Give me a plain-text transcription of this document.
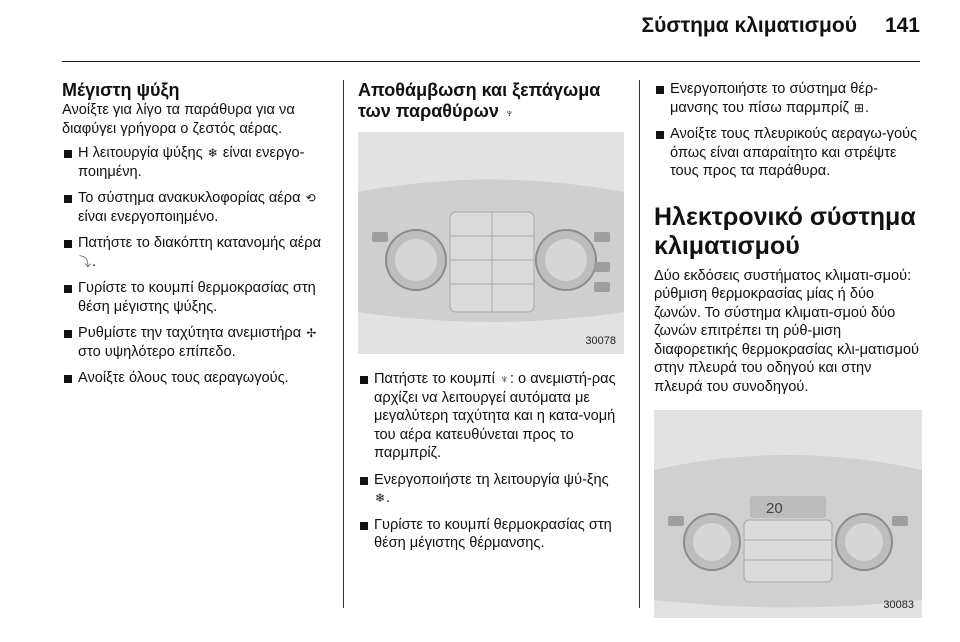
Σύστημα κλιματισμού 141
Μέγιστη ψύξη

Ανοίξτε για λίγο τα παράθυρα για να διαφύγει γρήγορα ο ζεστός αέρας.

Η λειτουργία ψύξης ❄ είναι ενεργο-ποιημένη.
Το σύστημα ανακυκλοφορίας αέρα ⟲ είναι ενεργοποιημένο.
Πατήστε το διακόπτη κατανομής αέρα ⤵.
Γυρίστε το κουμπί θερμοκρασίας στη θέση μέγιστης ψύξης.
Ρυθμίστε την ταχύτητα ανεμιστήρα ✢ στο υψηλότερο επίπεδο.
Ανοίξτε όλους τους αεραγωγούς.
Αποθάμβωση και ξεπάγωμα των παραθύρων ♆
30078
Πατήστε το κουμπί ♆: ο ανεμιστή-ρας αρχίζει να λειτουργεί αυτόματα με μεγαλύτερη ταχύτητα και η κατα-νομή του αέρα κατευθύνεται προς το παρμπρίζ.
Ενεργοποιήστε τη λειτουργία ψύ-ξης ❄.
Γυρίστε το κουμπί θερμοκρασίας στη θέση μέγιστης θέρμανσης.
Ενεργοποιήστε το σύστημα θέρ-μανσης του πίσω παρμπρίζ ⊞.
Ανοίξτε τους πλευρικούς αεραγω-γούς όπως είναι απαραίτητο και στρέψτε τους προς τα παράθυρα.
Ηλεκτρονικό σύστημα κλιματισμού

Δύο εκδόσεις συστήματος κλιματι-σμού: ρύθμιση θερμοκρασίας μίας ή δύο ζωνών. Το σύστημα κλιματι-σμού δύο ζωνών επιτρέπει τη ρύθ-μιση διαφορετικής θερμοκρασίας κλι-ματισμού στην πλευρά του οδηγού και στην πλευρά του συνοδηγού.

20
30083
